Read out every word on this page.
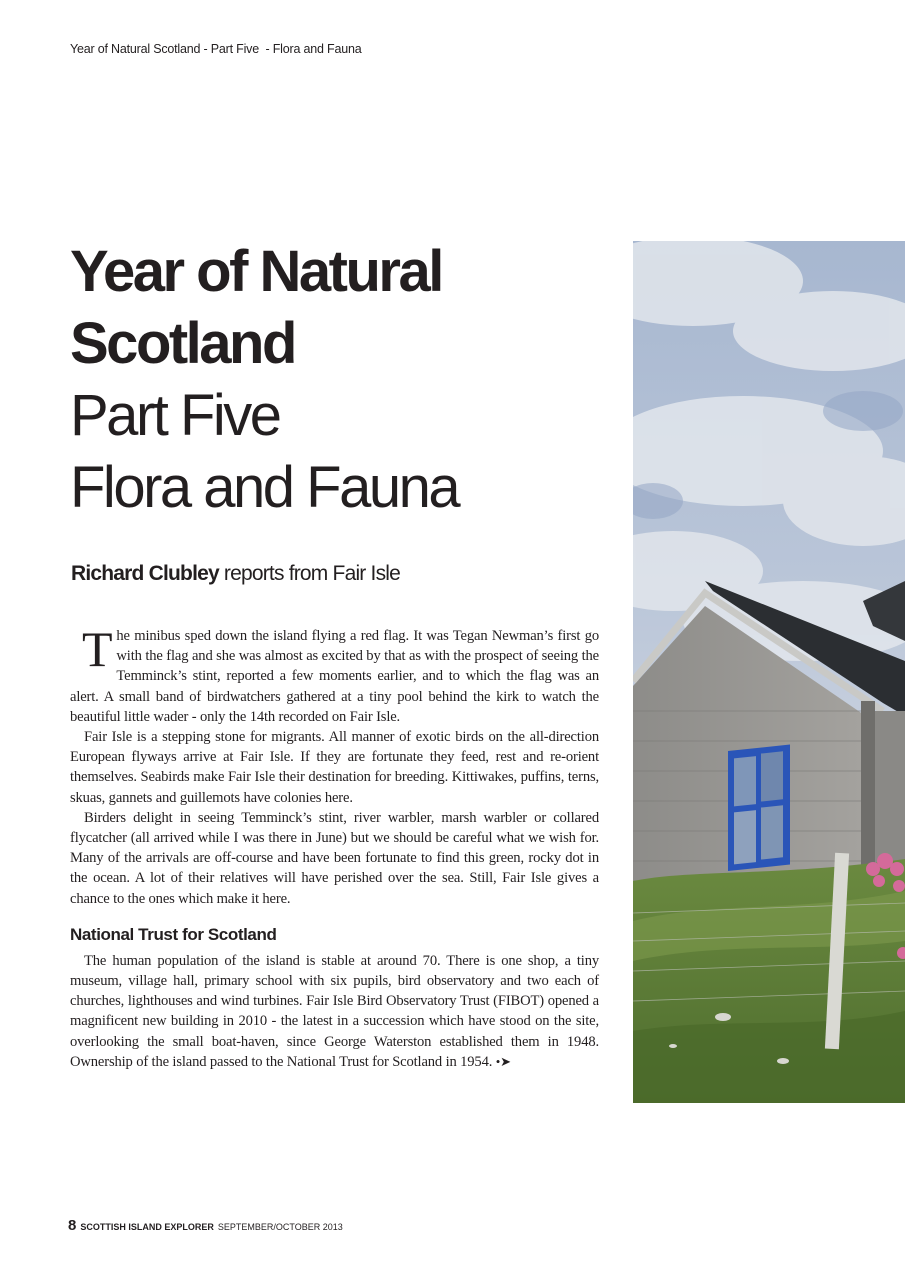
Year of Natural Scotland - Part Five  - Flora and Fauna
Year of Natural
Scotland
Part Five
Flora and Fauna
Richard Clubley reports from Fair Isle

The minibus sped down the island flying a red flag. It was Tegan Newman’s first go with the flag and she was almost as excited by that as with the prospect of seeing the Temminck’s stint, reported a few moments earlier, and to which the flag was an alert. A small band of birdwatchers gathered at a tiny pool behind the kirk to watch the beautiful little wader - only the 14th recorded on Fair Isle.

Fair Isle is a stepping stone for migrants. All manner of exotic birds on the all-direction European flyways arrive at Fair Isle. If they are fortunate they feed, rest and re-orient themselves. Seabirds make Fair Isle their destination for breeding. Kittiwakes, puffins, terns, skuas, gannets and guillemots have colonies here.

Birders delight in seeing Temminck’s stint, river warbler, marsh warbler or collared flycatcher (all arrived while I was there in June) but we should be careful what we wish for. Many of the arrivals are off-course and have been fortunate to find this green, rocky dot in the ocean. A lot of their relatives will have perished over the sea. Still, Fair Isle gives a chance to the ones which make it here.

National Trust for Scotland

The human population of the island is stable at around 70. There is one shop, a tiny museum, village hall, primary school with six pupils, bird observatory and two each of churches, lighthouses and wind turbines. Fair Isle Bird Observatory Trust (FIBOT) opened a magnificent new building in 2010 - the latest in a succession which have stood on the site, overlooking the small boat-haven, since George Waterston established them in 1948. Ownership of the island passed to the National Trust for Scotland in 1954. •➤

8 SCOTTISH ISLAND EXPLORER SEPTEMBER/OCTOBER 2013
